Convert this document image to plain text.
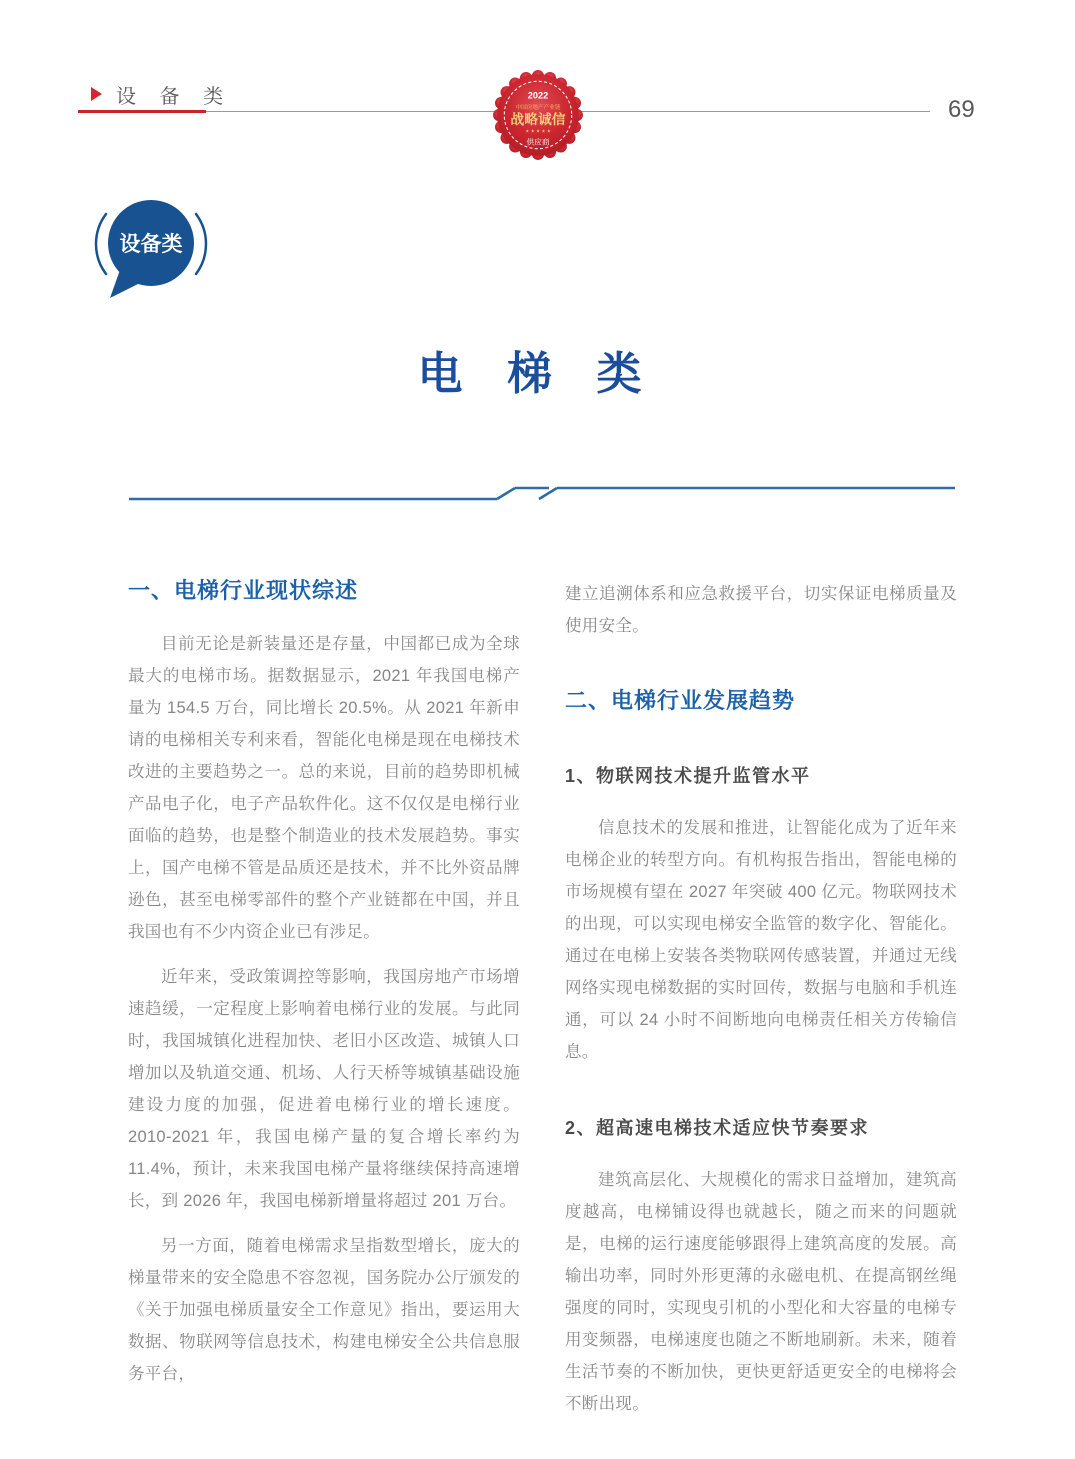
设 备 类	69
2022
中国房地产产业链
战略诚信
★ ★ ★ ★ ★
供应商
设备类
电 梯 类
一、电梯行业现状综述

目前无论是新装量还是存量，中国都已成为全球最大的电梯市场。据数据显示，2021 年我国电梯产量为 154.5 万台，同比增长 20.5%。从 2021 年新申请的电梯相关专利来看，智能化电梯是现在电梯技术改进的主要趋势之一。总的来说，目前的趋势即机械产品电子化，电子产品软件化。这不仅仅是电梯行业面临的趋势，也是整个制造业的技术发展趋势。事实上，国产电梯不管是品质还是技术，并不比外资品牌逊色，甚至电梯零部件的整个产业链都在中国，并且我国也有不少内资企业已有涉足。

近年来，受政策调控等影响，我国房地产市场增速趋缓，一定程度上影响着电梯行业的发展。与此同时，我国城镇化进程加快、老旧小区改造、城镇人口增加以及轨道交通、机场、人行天桥等城镇基础设施建设力度的加强，促进着电梯行业的增长速度。2010-2021 年，我国电梯产量的复合增长率约为 11.4%，预计，未来我国电梯产量将继续保持高速增长，到 2026 年，我国电梯新增量将超过 201 万台。

另一方面，随着电梯需求呈指数型增长，庞大的梯量带来的安全隐患不容忽视，国务院办公厅颁发的《关于加强电梯质量安全工作意见》指出，要运用大数据、物联网等信息技术，构建电梯安全公共信息服务平台，

建立追溯体系和应急救援平台，切实保证电梯质量及使用安全。

二、电梯行业发展趋势
1、物联网技术提升监管水平

信息技术的发展和推进，让智能化成为了近年来电梯企业的转型方向。有机构报告指出，智能电梯的市场规模有望在 2027 年突破 400 亿元。物联网技术的出现，可以实现电梯安全监管的数字化、智能化。通过在电梯上安装各类物联网传感装置，并通过无线网络实现电梯数据的实时回传，数据与电脑和手机连通，可以 24 小时不间断地向电梯责任相关方传输信息。

2、超高速电梯技术适应快节奏要求

建筑高层化、大规模化的需求日益增加，建筑高度越高，电梯铺设得也就越长，随之而来的问题就是，电梯的运行速度能够跟得上建筑高度的发展。高输出功率，同时外形更薄的永磁电机、在提高钢丝绳强度的同时，实现曳引机的小型化和大容量的电梯专用变频器，电梯速度也随之不断地刷新。未来，随着生活节奏的不断加快，更快更舒适更安全的电梯将会不断出现。
